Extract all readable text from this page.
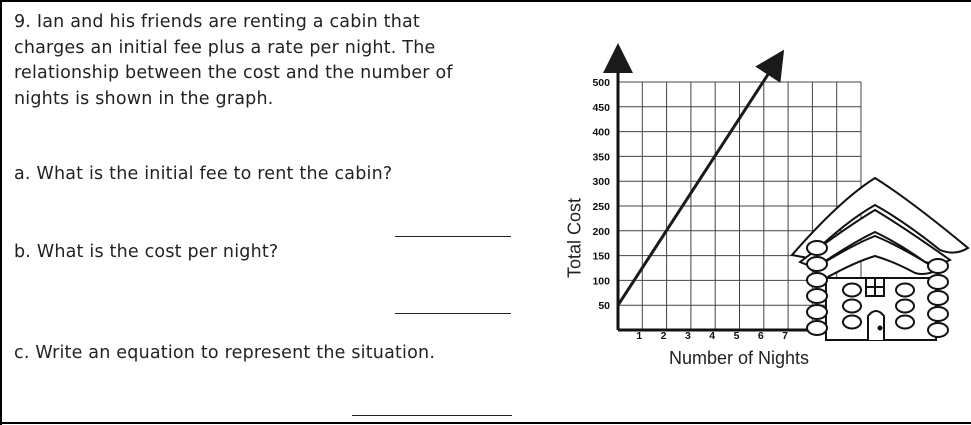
9. Ian and his friends are renting a cabin that
charges an initial fee plus a rate per night. The
relationship between the cost and the number of
nights is shown in the graph.
a. What is the initial fee to rent the cabin?
b. What is the cost per night?
c. Write an equation to represent the situation.
Total Cost
Number of Nights
50
100
150
200
250
300
350
400
450
500
1 2 3 4 5 6 7
